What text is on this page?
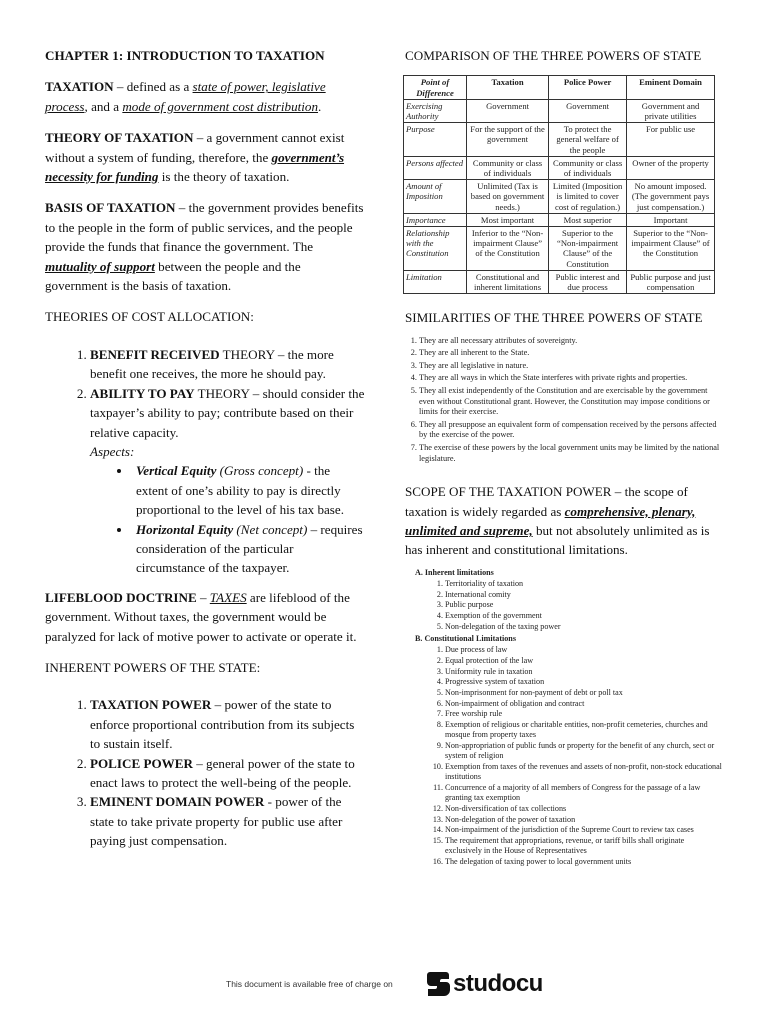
CHAPTER 1: INTRODUCTION TO TAXATION

TAXATION – defined as a state of power, legislative process, and a mode of government cost distribution.

THEORY OF TAXATION – a government cannot exist without a system of funding, therefore, the government’s necessity for funding is the theory of taxation.

BASIS OF TAXATION – the government provides benefits to the people in the form of public services, and the people provide the funds that finance the government. The mutuality of support between the people and the government is the basis of taxation.

THEORIES OF COST ALLOCATION:

1. BENEFIT RECEIVED THEORY – the more benefit one receives, the more he should pay.
2. ABILITY TO PAY THEORY – should consider the taxpayer’s ability to pay; contribute based on their relative capacity.
Aspects:
• Vertical Equity (Gross concept) - the extent of one’s ability to pay is directly proportional to the level of his tax base.
• Horizontal Equity (Net concept) – requires consideration of the particular circumstance of the taxpayer.

LIFEBLOOD DOCTRINE – TAXES are lifeblood of the government. Without taxes, the government would be paralyzed for lack of motive power to activate or operate it.

INHERENT POWERS OF THE STATE:

1. TAXATION POWER – power of the state to enforce proportional contribution from its subjects to sustain itself.
2. POLICE POWER – general power of the state to enact laws to protect the well-being of the people.
3. EMINENT DOMAIN POWER - power of the state to take private property for public use after paying just compensation.
COMPARISON OF THE THREE POWERS OF STATE
Point of Difference	Taxation	Police Power	Eminent Domain
Exercising Authority	Government	Government	Government and private utilities
Purpose	For the support of the government	To protect the general welfare of the people	For public use
Persons affected	Community or class of individuals	Community or class of individuals	Owner of the property
Amount of Imposition	Unlimited (Tax is based on government needs.)	Limited (Imposition is limited to cover cost of regulation.)	No amount imposed. (The government pays just compensation.)
Importance	Most important	Most superior	Important
Relationship with the Constitution	Inferior to the “Non-impairment Clause” of the Constitution	Superior to the “Non-impairment Clause” of the Constitution	Superior to the “Non-impairment Clause” of the Constitution
Limitation	Constitutional and inherent limitations	Public interest and due process	Public purpose and just compensation
SIMILARITIES OF THE THREE POWERS OF STATE
1. They are all necessary attributes of sovereignty.
2. They are all inherent to the State.
3. They are all legislative in nature.
4. They are all ways in which the State interferes with private rights and properties.
5. They all exist independently of the Constitution and are exercisable by the government even without Constitutional grant. However, the Constitution may impose conditions or limits for their exercise.
6. They all presuppose an equivalent form of compensation received by the persons affected by the exercise of the power.
7. The exercise of these powers by the local government units may be limited by the national legislature.

SCOPE OF THE TAXATION POWER – the scope of taxation is widely regarded as comprehensive, plenary, unlimited and supreme, but not absolutely unlimited as is has inherent and constitutional limitations.

A. Inherent limitations
1. Territoriality of taxation
2. International comity
3. Public purpose
4. Exemption of the government
5. Non-delegation of the taxing power
B. Constitutional Limitations
1. Due process of law
2. Equal protection of the law
3. Uniformity rule in taxation
4. Progressive system of taxation
5. Non-imprisonment for non-payment of debt or poll tax
6. Non-impairment of obligation and contract
7. Free worship rule
8. Exemption of religious or charitable entities, non-profit cemeteries, churches and mosque from property taxes
9. Non-appropriation of public funds or property for the benefit of any church, sect or system of religion
10. Exemption from taxes of the revenues and assets of non-profit, non-stock educational institutions
11. Concurrence of a majority of all members of Congress for the passage of a law granting tax exemption
12. Non-diversification of tax collections
13. Non-delegation of the power of taxation
14. Non-impairment of the jurisdiction of the Supreme Court to review tax cases
15. The requirement that appropriations, revenue, or tariff bills shall originate exclusively in the House of Representatives
16. The delegation of taxing power to local government units
This document is available free of charge on	studocu
